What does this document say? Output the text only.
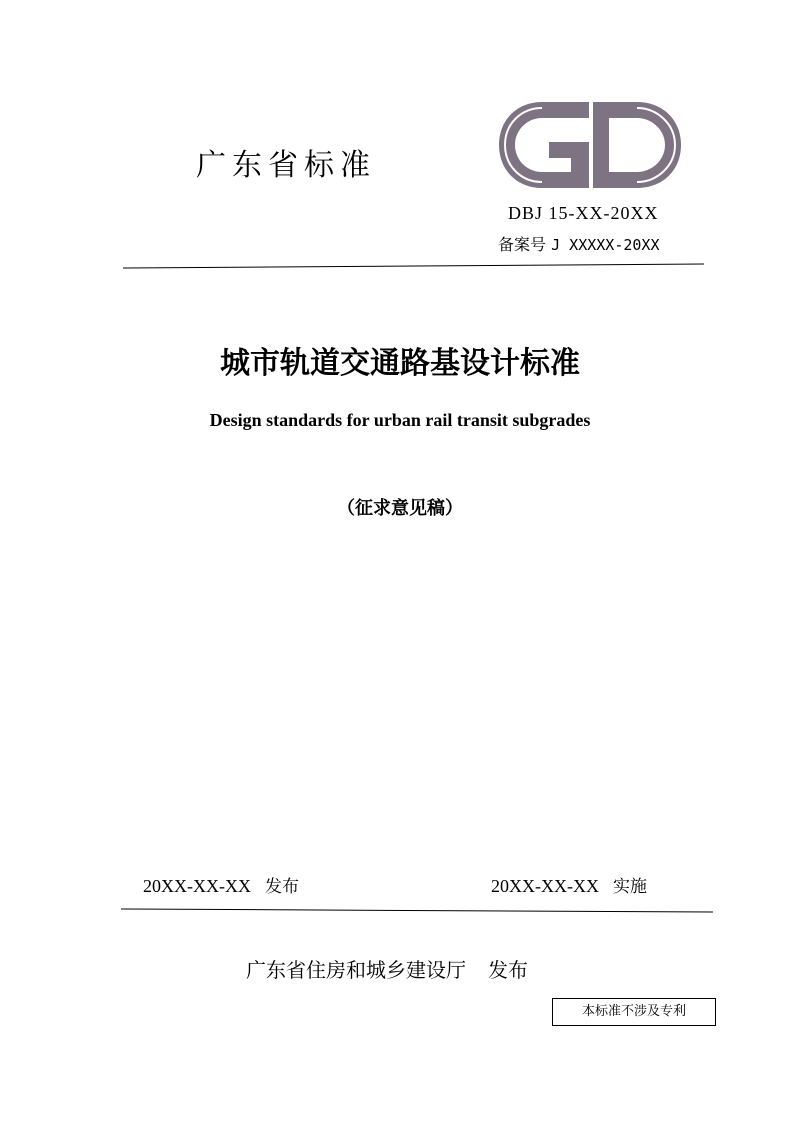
广东省标准
DBJ 15-XX-20XX
备案号 J XXXXX-20XX
城市轨道交通路基设计标准
Design standards for urban rail transit subgrades
（征求意见稿）
20XX-XX-XX 发布	20XX-XX-XX 实施
广东省住房和城乡建设厅 发布
本标准不涉及专利
